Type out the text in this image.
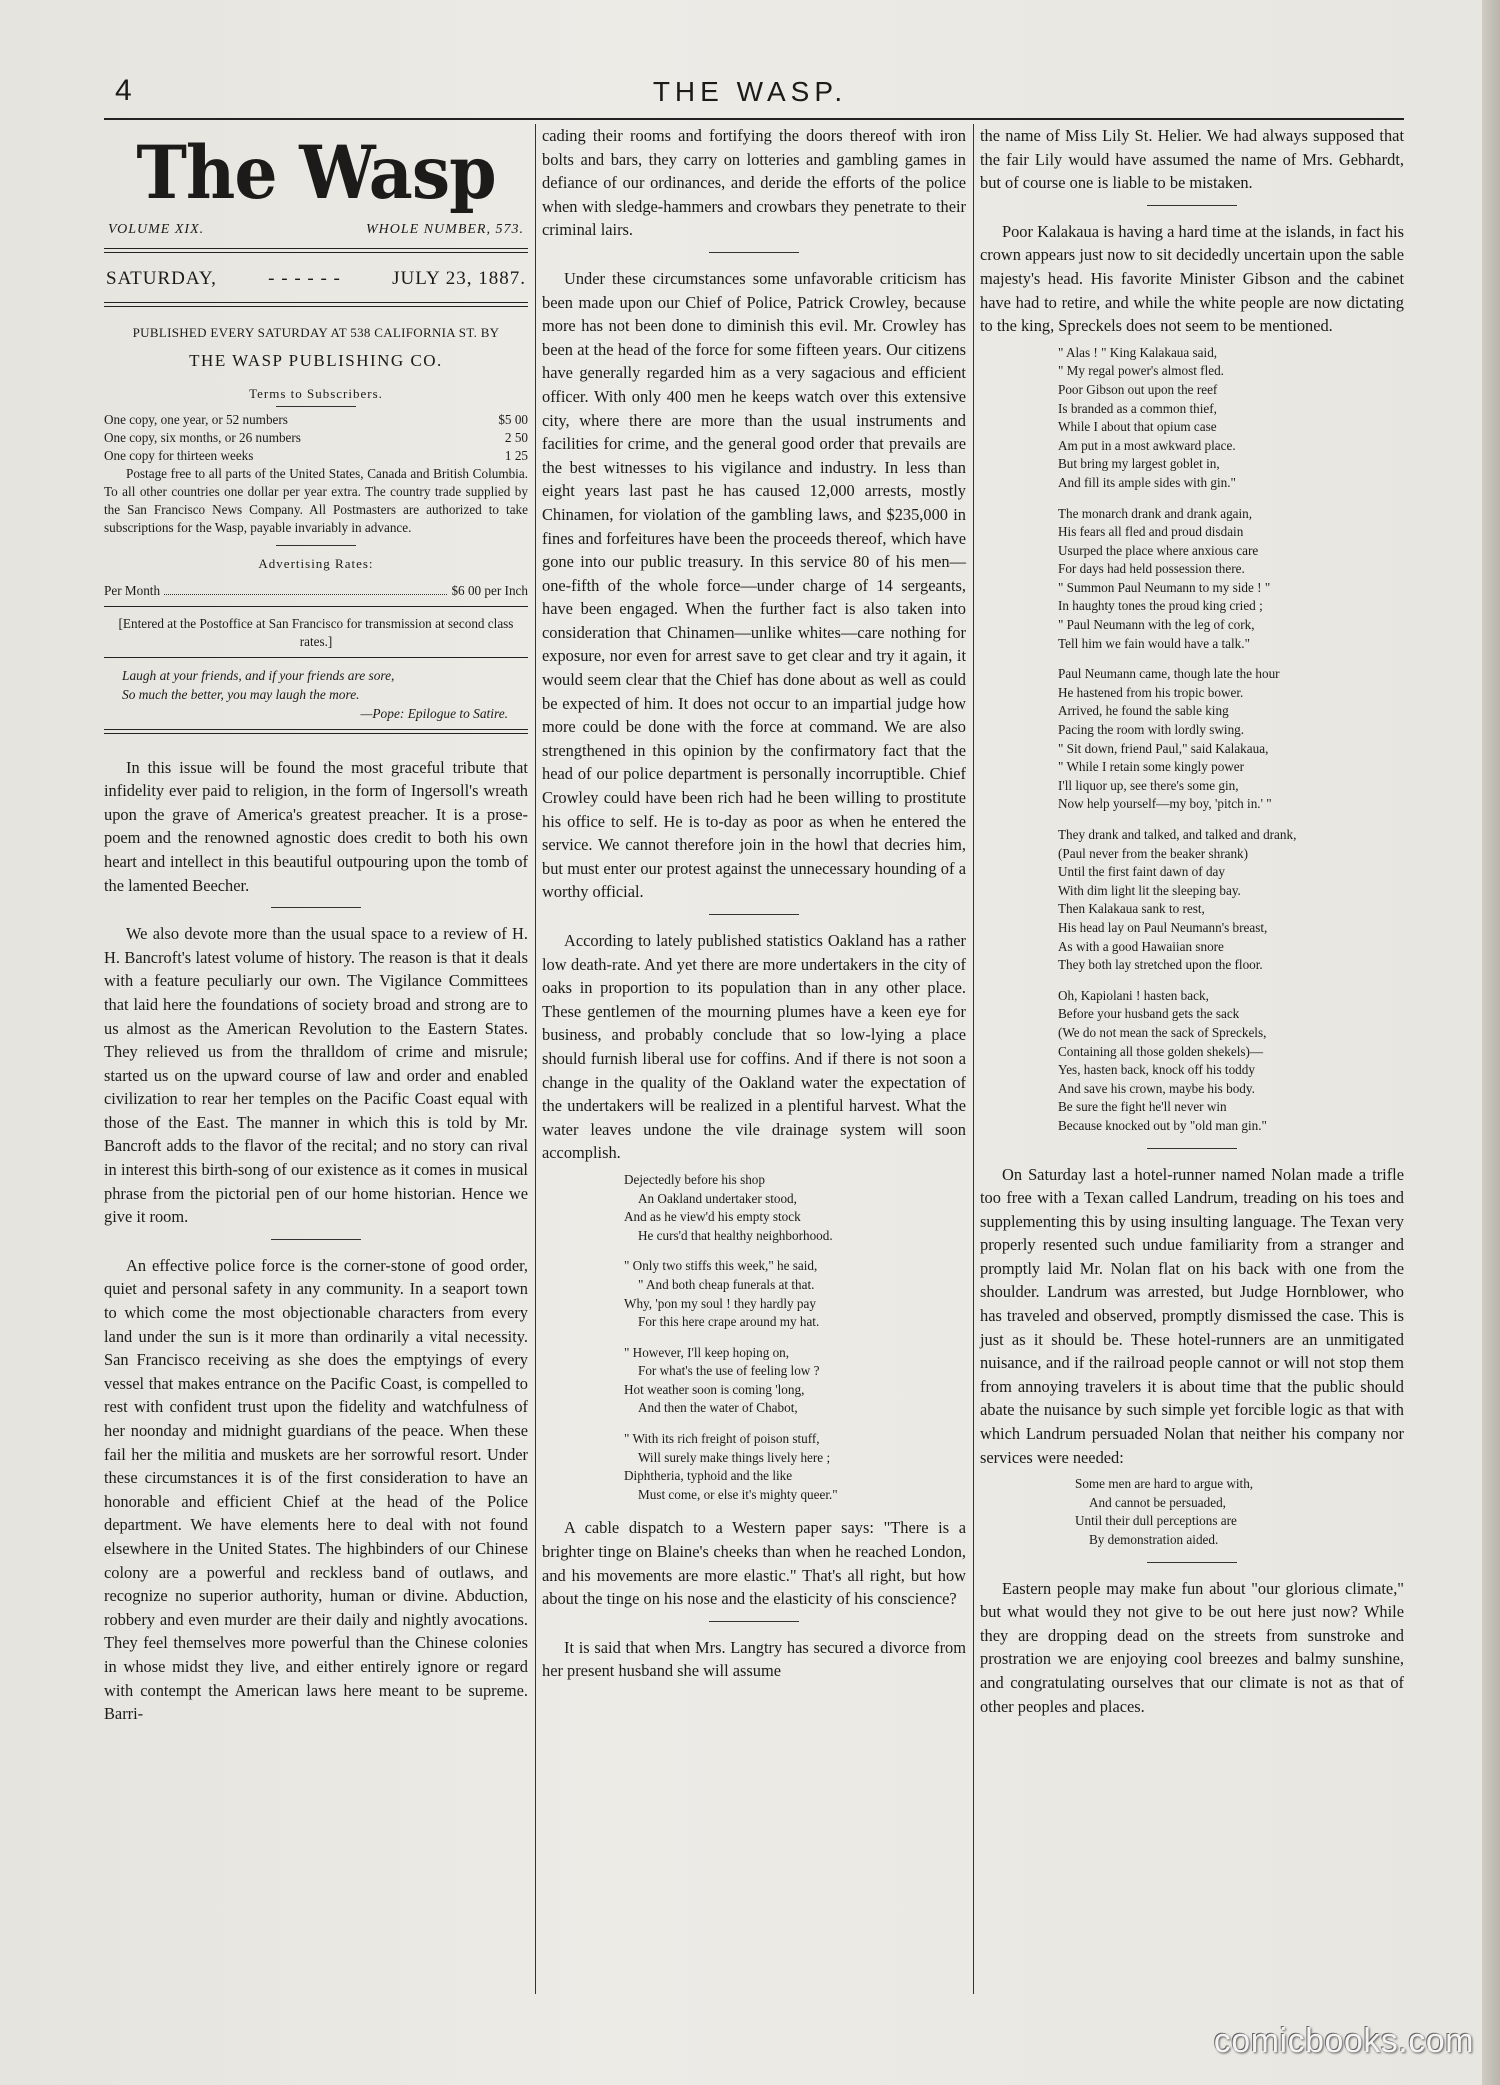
4	THE WASP.
The Wasp
VOLUME XIX.	WHOLE NUMBER, 573.
SATURDAY,	- - - - - -	JULY 23, 1887.
PUBLISHED EVERY SATURDAY AT 538 CALIFORNIA ST. BY
THE WASP PUBLISHING CO.
Terms to Subscribers.
One copy, one year, or 52 numbers	$5 00
One copy, six months, or 26 numbers	2 50
One copy for thirteen weeks	1 25

Postage free to all parts of the United States, Canada and British Columbia. To all other countries one dollar per year extra. The country trade supplied by the San Francisco News Company. All Postmasters are authorized to take subscriptions for the Wasp, payable invariably in advance.

Advertising Rates:
Per Month	$6 00 per Inch
[Entered at the Postoffice at San Francisco for transmission at second class rates.]
Laugh at your friends, and if your friends are sore,
So much the better, you may laugh the more.
—Pope: Epilogue to Satire.

In this issue will be found the most graceful tribute that infidelity ever paid to religion, in the form of Ingersoll's wreath upon the grave of America's greatest preacher. It is a prose-poem and the renowned agnostic does credit to both his own heart and intellect in this beautiful outpouring upon the tomb of the lamented Beecher.

We also devote more than the usual space to a review of H. H. Bancroft's latest volume of history. The reason is that it deals with a feature peculiarly our own. The Vigilance Committees that laid here the foundations of society broad and strong are to us almost as the American Revolution to the Eastern States. They relieved us from the thralldom of crime and misrule; started us on the upward course of law and order and enabled civilization to rear her temples on the Pacific Coast equal with those of the East. The manner in which this is told by Mr. Bancroft adds to the flavor of the recital; and no story can rival in interest this birth-song of our existence as it comes in musical phrase from the pictorial pen of our home historian. Hence we give it room.

An effective police force is the corner-stone of good order, quiet and personal safety in any community. In a seaport town to which come the most objectionable characters from every land under the sun is it more than ordinarily a vital necessity. San Francisco receiving as she does the emptyings of every vessel that makes entrance on the Pacific Coast, is compelled to rest with confident trust upon the fidelity and watchfulness of her noonday and midnight guardians of the peace. When these fail her the militia and muskets are her sorrowful resort. Under these circumstances it is of the first consideration to have an honorable and efficient Chief at the head of the Police department. We have elements here to deal with not found elsewhere in the United States. The highbinders of our Chinese colony are a powerful and reckless band of outlaws, and recognize no superior authority, human or divine. Abduction, robbery and even murder are their daily and nightly avocations. They feel themselves more powerful than the Chinese colonies in whose midst they live, and either entirely ignore or regard with contempt the American laws here meant to be supreme. Barri-

cading their rooms and fortifying the doors thereof with iron bolts and bars, they carry on lotteries and gambling games in defiance of our ordinances, and deride the efforts of the police when with sledge-hammers and crowbars they penetrate to their criminal lairs.

Under these circumstances some unfavorable criticism has been made upon our Chief of Police, Patrick Crowley, because more has not been done to diminish this evil. Mr. Crowley has been at the head of the force for some fifteen years. Our citizens have generally regarded him as a very sagacious and efficient officer. With only 400 men he keeps watch over this extensive city, where there are more than the usual instruments and facilities for crime, and the general good order that prevails are the best witnesses to his vigilance and industry. In less than eight years last past he has caused 12,000 arrests, mostly Chinamen, for violation of the gambling laws, and $235,000 in fines and forfeitures have been the proceeds thereof, which have gone into our public treasury. In this service 80 of his men—one-fifth of the whole force—under charge of 14 sergeants, have been engaged. When the further fact is also taken into consideration that Chinamen—unlike whites—care nothing for exposure, nor even for arrest save to get clear and try it again, it would seem clear that the Chief has done about as well as could be expected of him. It does not occur to an impartial judge how more could be done with the force at command. We are also strengthened in this opinion by the confirmatory fact that the head of our police department is personally incorruptible. Chief Crowley could have been rich had he been willing to prostitute his office to self. He is to-day as poor as when he entered the service. We cannot therefore join in the howl that decries him, but must enter our protest against the unnecessary hounding of a worthy official.

According to lately published statistics Oakland has a rather low death-rate. And yet there are more undertakers in the city of oaks in proportion to its population than in any other place. These gentlemen of the mourning plumes have a keen eye for business, and probably conclude that so low-lying a place should furnish liberal use for coffins. And if there is not soon a change in the quality of the Oakland water the expectation of the undertakers will be realized in a plentiful harvest. What the water leaves undone the vile drainage system will soon accomplish.

Dejectedly before his shop
An Oakland undertaker stood,
And as he view'd his empty stock
He curs'd that healthy neighborhood.
" Only two stiffs this week," he said,
" And both cheap funerals at that.
Why, 'pon my soul ! they hardly pay
For this here crape around my hat.
" However, I'll keep hoping on,
For what's the use of feeling low ?
Hot weather soon is coming 'long,
And then the water of Chabot,
" With its rich freight of poison stuff,
Will surely make things lively here ;
Diphtheria, typhoid and the like
Must come, or else it's mighty queer."

A cable dispatch to a Western paper says: "There is a brighter tinge on Blaine's cheeks than when he reached London, and his movements are more elastic." That's all right, but how about the tinge on his nose and the elasticity of his conscience?

It is said that when Mrs. Langtry has secured a divorce from her present husband she will assume

the name of Miss Lily St. Helier. We had always supposed that the fair Lily would have assumed the name of Mrs. Gebhardt, but of course one is liable to be mistaken.

Poor Kalakaua is having a hard time at the islands, in fact his crown appears just now to sit decidedly uncertain upon the sable majesty's head. His favorite Minister Gibson and the cabinet have had to retire, and while the white people are now dictating to the king, Spreckels does not seem to be mentioned.

" Alas ! " King Kalakaua said,
" My regal power's almost fled.
Poor Gibson out upon the reef
Is branded as a common thief,
While I about that opium case
Am put in a most awkward place.
But bring my largest goblet in,
And fill its ample sides with gin."
The monarch drank and drank again,
His fears all fled and proud disdain
Usurped the place where anxious care
For days had held possession there.
" Summon Paul Neumann to my side ! "
In haughty tones the proud king cried ;
" Paul Neumann with the leg of cork,
Tell him we fain would have a talk."
Paul Neumann came, though late the hour
He hastened from his tropic bower.
Arrived, he found the sable king
Pacing the room with lordly swing.
" Sit down, friend Paul," said Kalakaua,
" While I retain some kingly power
I'll liquor up, see there's some gin,
Now help yourself—my boy, 'pitch in.' "
They drank and talked, and talked and drank,
(Paul never from the beaker shrank)
Until the first faint dawn of day
With dim light lit the sleeping bay.
Then Kalakaua sank to rest,
His head lay on Paul Neumann's breast,
As with a good Hawaiian snore
They both lay stretched upon the floor.
Oh, Kapiolani ! hasten back,
Before your husband gets the sack
(We do not mean the sack of Spreckels,
Containing all those golden shekels)—
Yes, hasten back, knock off his toddy
And save his crown, maybe his body.
Be sure the fight he'll never win
Because knocked out by "old man gin."

On Saturday last a hotel-runner named Nolan made a trifle too free with a Texan called Landrum, treading on his toes and supplementing this by using insulting language. The Texan very properly resented such undue familiarity from a stranger and promptly laid Mr. Nolan flat on his back with one from the shoulder. Landrum was arrested, but Judge Hornblower, who has traveled and observed, promptly dismissed the case. This is just as it should be. These hotel-runners are an unmitigated nuisance, and if the railroad people cannot or will not stop them from annoying travelers it is about time that the public should abate the nuisance by such simple yet forcible logic as that with which Landrum persuaded Nolan that neither his company nor services were needed:

Some men are hard to argue with,
And cannot be persuaded,
Until their dull perceptions are
By demonstration aided.

Eastern people may make fun about "our glorious climate," but what would they not give to be out here just now? While they are dropping dead on the streets from sunstroke and prostration we are enjoying cool breezes and balmy sunshine, and congratulating ourselves that our climate is not as that of other peoples and places.

comicbooks.com
